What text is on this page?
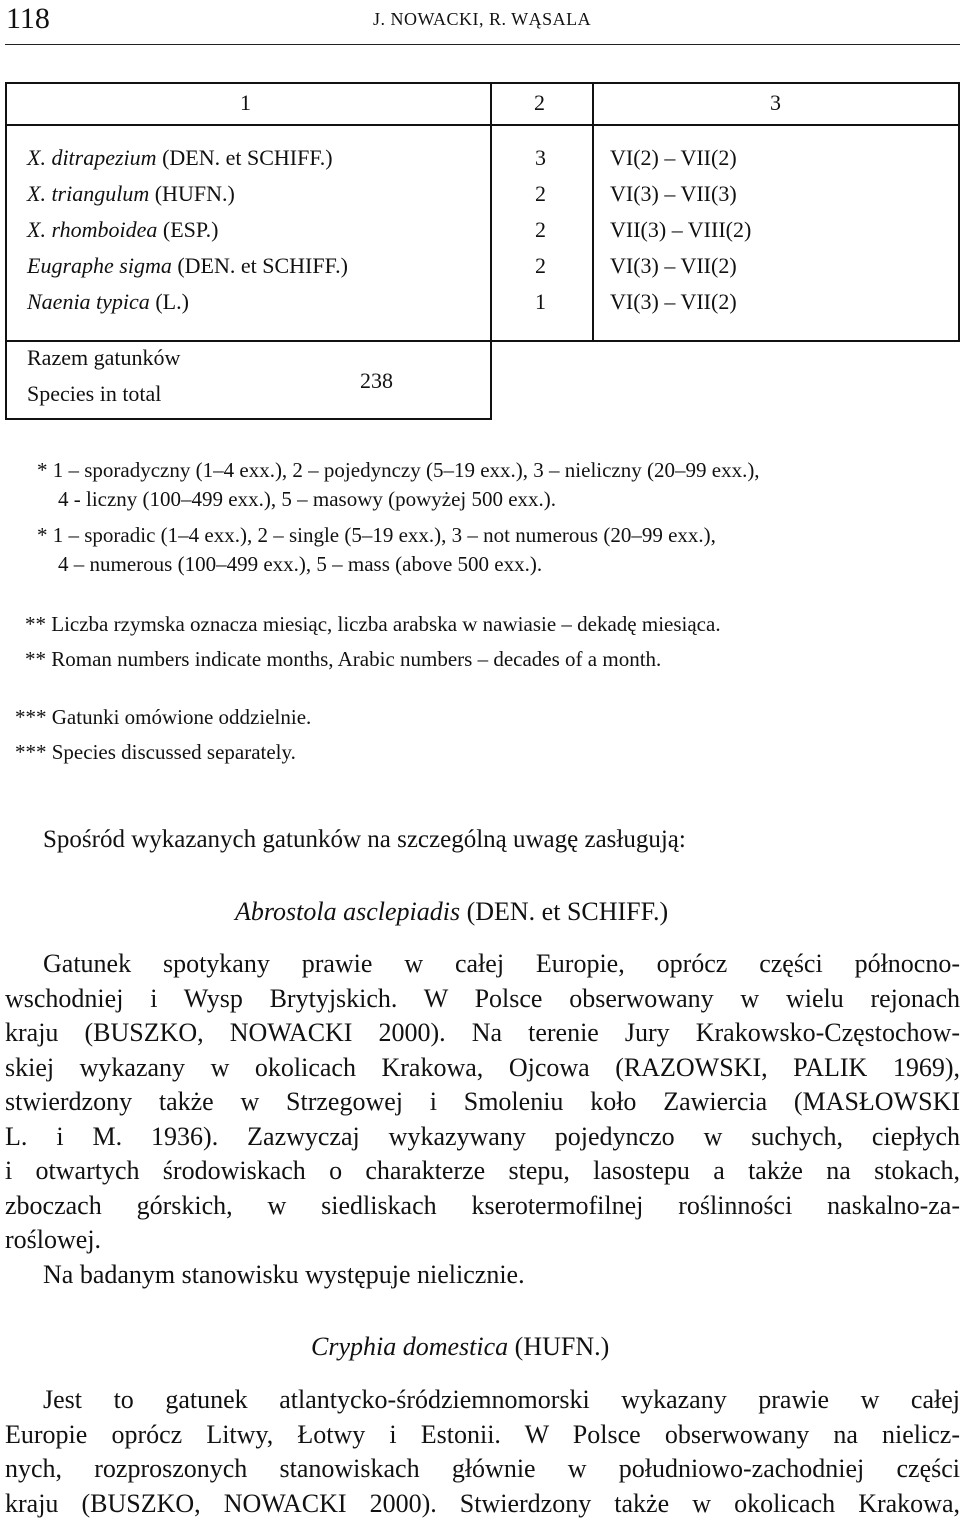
118	J. NOWACKI, R. WĄSALA
1	2	3
X. ditrapezium (DEN. et SCHIFF.)	3	VI(2) – VII(2)
X. triangulum (HUFN.)	2	VI(3) – VII(3)
X. rhomboidea (ESP.)	2	VII(3) – VIII(2)
Eugraphe sigma (DEN. et SCHIFF.)	2	VI(3) – VII(2)
Naenia typica (L.)	1	VI(3) – VII(2)
Razem gatunków
Species in total
238
* 1 – sporadyczny (1–4 exx.), 2 – pojedynczy (5–19 exx.), 3 – nieliczny (20–99 exx.),
4 - liczny (100–499 exx.), 5 – masowy (powyżej 500 exx.).
* 1 – sporadic (1–4 exx.), 2 – single (5–19 exx.), 3 – not numerous (20–99 exx.),
4 – numerous (100–499 exx.), 5 – mass (above 500 exx.).
** Liczba rzymska oznacza miesiąc, liczba arabska w nawiasie – dekadę miesiąca.
** Roman numbers indicate months, Arabic numbers – decades of a month.
*** Gatunki omówione oddzielnie.
*** Species discussed separately.
Spośród wykazanych gatunków na szczególną uwagę zasługują:
Abrostola asclepiadis (DEN. et SCHIFF.)
Gatunek spotykany prawie w całej Europie, oprócz części północno-
wschodniej i Wysp Brytyjskich. W Polsce obserwowany w wielu rejonach
kraju (BUSZKO, NOWACKI 2000). Na terenie Jury Krakowsko-Częstochow-
skiej wykazany w okolicach Krakowa, Ojcowa (RAZOWSKI, PALIK 1969),
stwierdzony także w Strzegowej i Smoleniu koło Zawiercia (MASŁOWSKI
L. i M. 1936). Zazwyczaj wykazywany pojedynczo w suchych, ciepłych
i otwartych środowiskach o charakterze stepu, lasostepu a także na stokach,
zboczach górskich, w siedliskach kserotermofilnej roślinności naskalno-za-
roślowej.
Na badanym stanowisku występuje nielicznie.
Cryphia domestica (HUFN.)
Jest to gatunek atlantycko-śródziemnomorski wykazany prawie w całej
Europie oprócz Litwy, Łotwy i Estonii. W Polsce obserwowany na nielicz-
nych, rozproszonych stanowiskach głównie w południowo-zachodniej części
kraju (BUSZKO, NOWACKI 2000). Stwierdzony także w okolicach Krakowa,
